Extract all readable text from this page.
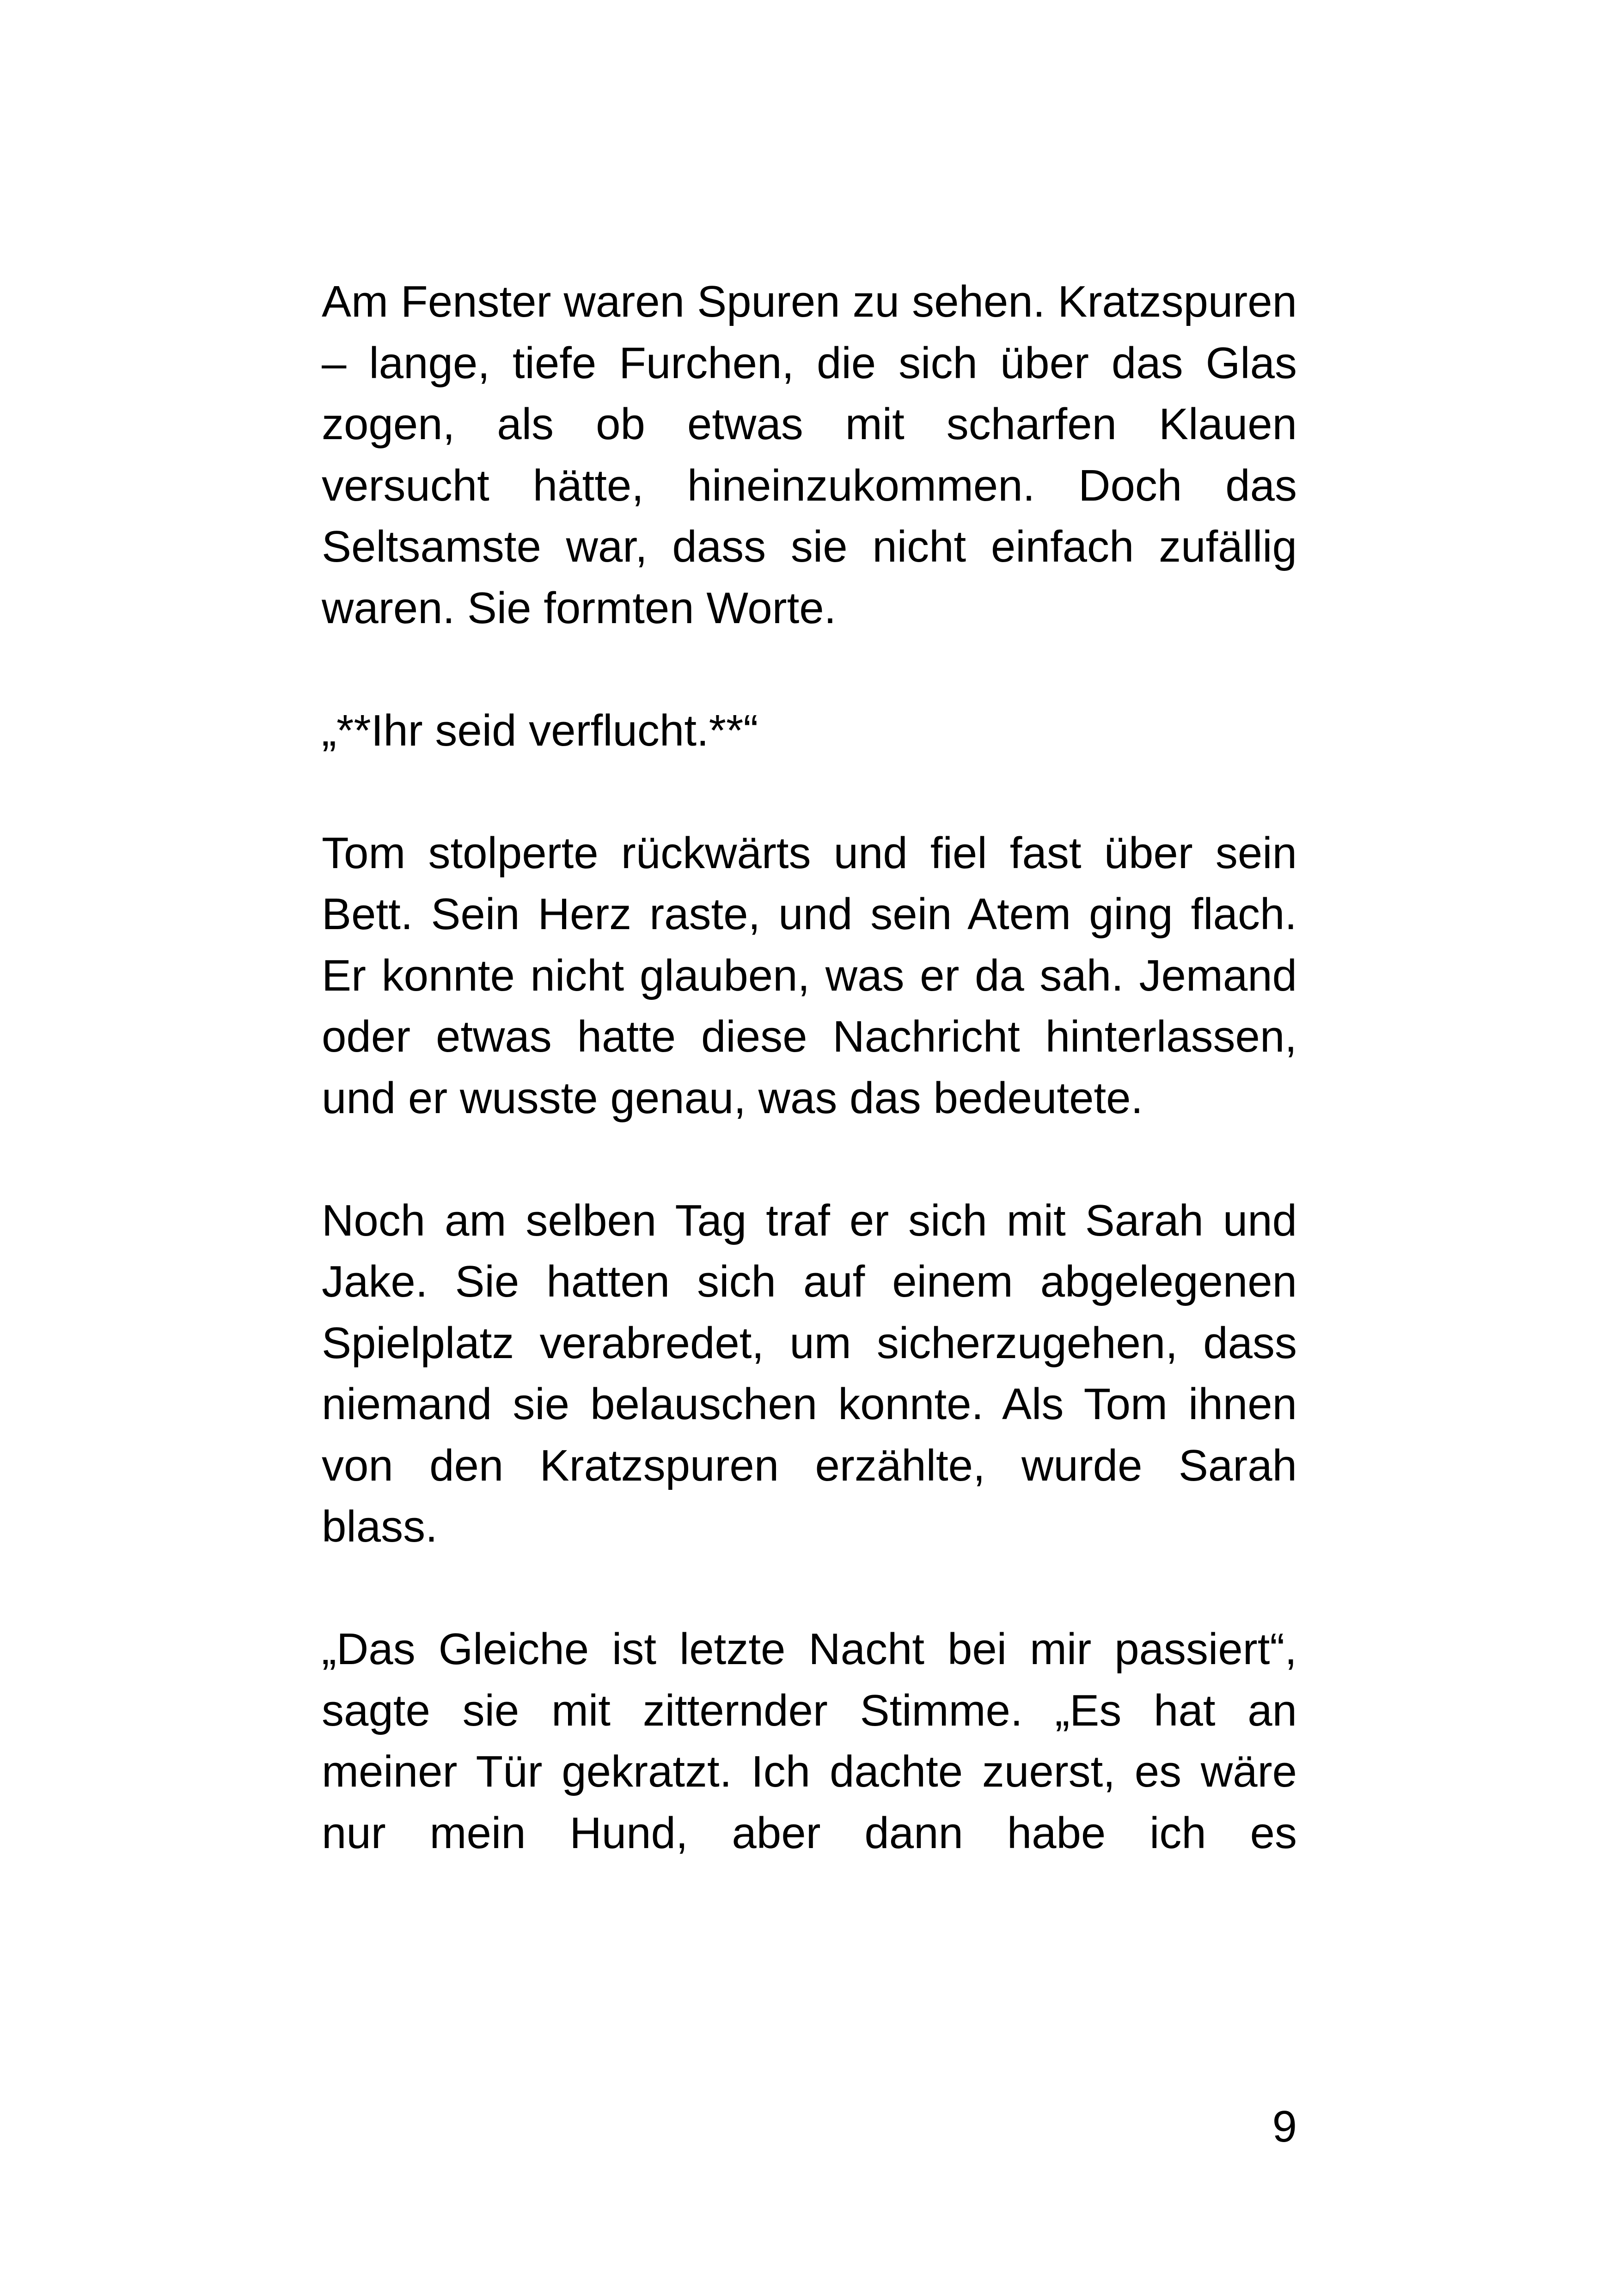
Am Fenster waren Spuren zu sehen. Kratzspuren – lange, tiefe Furchen, die sich über das Glas zogen, als ob etwas mit scharfen Klauen versucht hätte, hineinzukommen. Doch das Seltsamste war, dass sie nicht einfach zufällig waren. Sie formten Worte.

„**Ihr seid verflucht.**“

Tom stolperte rückwärts und fiel fast über sein Bett. Sein Herz raste, und sein Atem ging flach. Er konnte nicht glauben, was er da sah. Jemand oder etwas hatte diese Nachricht hinterlassen, und er wusste genau, was das bedeutete.

Noch am selben Tag traf er sich mit Sarah und Jake. Sie hatten sich auf einem abgelegenen Spielplatz verabredet, um sicherzugehen, dass niemand sie belauschen konnte. Als Tom ihnen von den Kratzspuren erzählte, wurde Sarah blass.

„Das Gleiche ist letzte Nacht bei mir passiert“, sagte sie mit zitternder Stimme. „Es hat an meiner Tür gekratzt. Ich dachte zuerst, es wäre nur mein Hund, aber dann habe ich es

9
